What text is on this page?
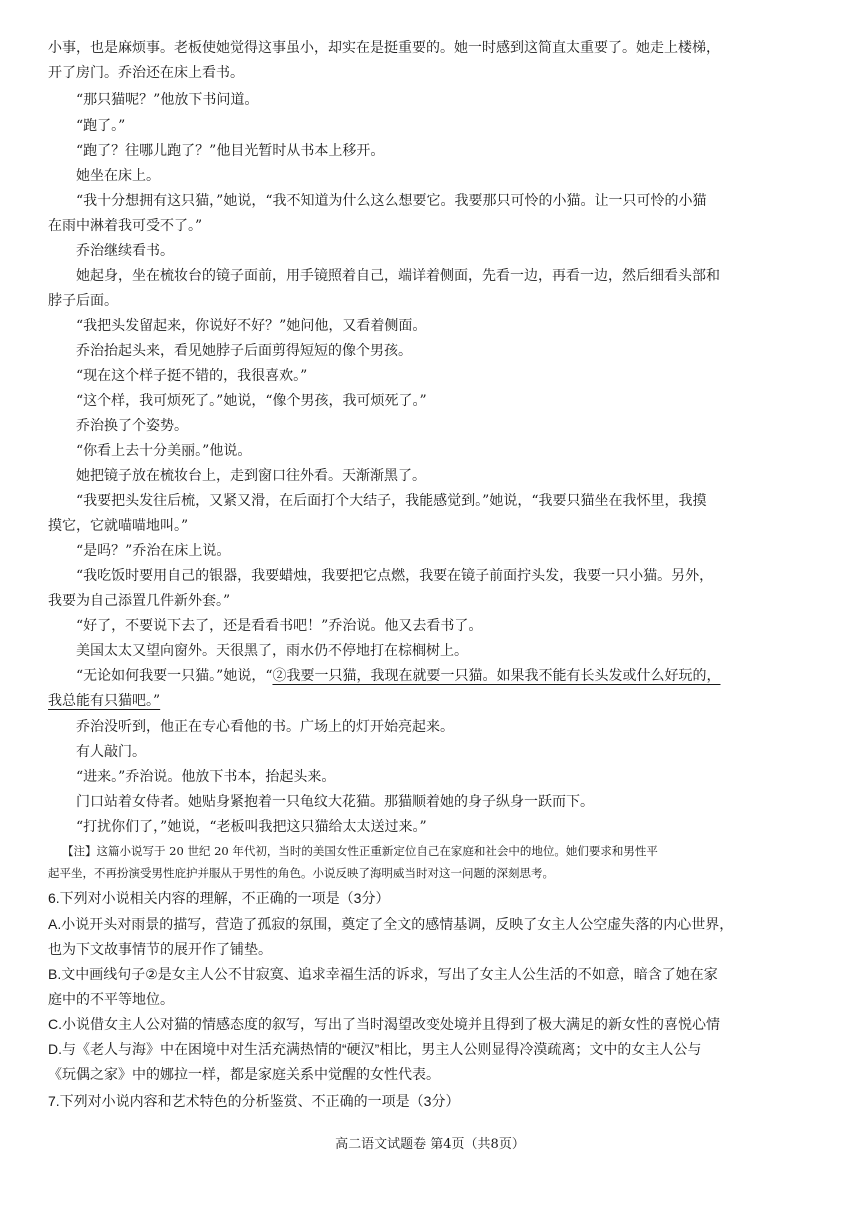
小事，也是麻烦事。老板使她觉得这事虽小，却实在是挺重要的。她一时感到这简直太重要了。她走上楼梯，
开了房门。乔治还在床上看书。
“那只猫呢？”他放下书问道。
“跑了。”
“跑了？往哪儿跑了？”他目光暂时从书本上移开。
她坐在床上。
“我十分想拥有这只猫，”她说，“我不知道为什么这么想要它。我要那只可怜的小猫。让一只可怜的小猫
在雨中淋着我可受不了。”
乔治继续看书。
她起身，坐在梳妆台的镜子面前，用手镜照着自己，端详着侧面，先看一边，再看一边，然后细看头部和
脖子后面。
“我把头发留起来，你说好不好？”她问他，又看着侧面。
乔治抬起头来，看见她脖子后面剪得短短的像个男孩。
“现在这个样子挺不错的，我很喜欢。”
“这个样，我可烦死了。”她说，“像个男孩，我可烦死了。”
乔治换了个姿势。
“你看上去十分美丽。”他说。
她把镜子放在梳妆台上，走到窗口往外看。天渐渐黑了。
“我要把头发往后梳，又紧又滑，在后面打个大结子，我能感觉到。”她说，“我要只猫坐在我怀里，我摸
摸它，它就喵喵地叫。”
“是吗？”乔治在床上说。
“我吃饭时要用自己的银器，我要蜡烛，我要把它点燃，我要在镜子前面拧头发，我要一只小猫。另外，
我要为自己添置几件新外套。”
“好了，不要说下去了，还是看看书吧！”乔治说。他又去看书了。
美国太太又望向窗外。天很黑了，雨水仍不停地打在棕榈树上。
“无论如何我要一只猫。”她说，“②我要一只猫，我现在就要一只猫。如果我不能有长头发或什么好玩的，
我总能有只猫吧。”
乔治没听到，他正在专心看他的书。广场上的灯开始亮起来。
有人敲门。
“进来。”乔治说。他放下书本，抬起头来。
门口站着女侍者。她贴身紧抱着一只龟纹大花猫。那猫顺着她的身子纵身一跃而下。
“打扰你们了，”她说，“老板叫我把这只猫给太太送过来。”
【注】这篇小说写于 20 世纪 20 年代初，当时的美国女性正重新定位自己在家庭和社会中的地位。她们要求和男性平
起平坐，不再扮演受男性庇护并服从于男性的角色。小说反映了海明威当时对这一问题的深刻思考。
6.下列对小说相关内容的理解，不正确的一项是（3分）
A.小说开头对雨景的描写，营造了孤寂的氛围，奠定了全文的感情基调，反映了女主人公空虚失落的内心世界，
也为下文故事情节的展开作了铺垫。
B.文中画线句子②是女主人公不甘寂寞、追求幸福生活的诉求，写出了女主人公生活的不如意，暗含了她在家
庭中的不平等地位。
C.小说借女主人公对猫的情感态度的叙写，写出了当时渴望改变处境并且得到了极大满足的新女性的喜悦心情
D.与《老人与海》中在困境中对生活充满热情的“硬汉”相比，男主人公则显得冷漠疏离；文中的女主人公与
《玩偶之家》中的娜拉一样，都是家庭关系中觉醒的女性代表。
7.下列对小说内容和艺术特色的分析鉴赏、不正确的一项是（3分）
高二语文试题卷 第4页（共8页）
